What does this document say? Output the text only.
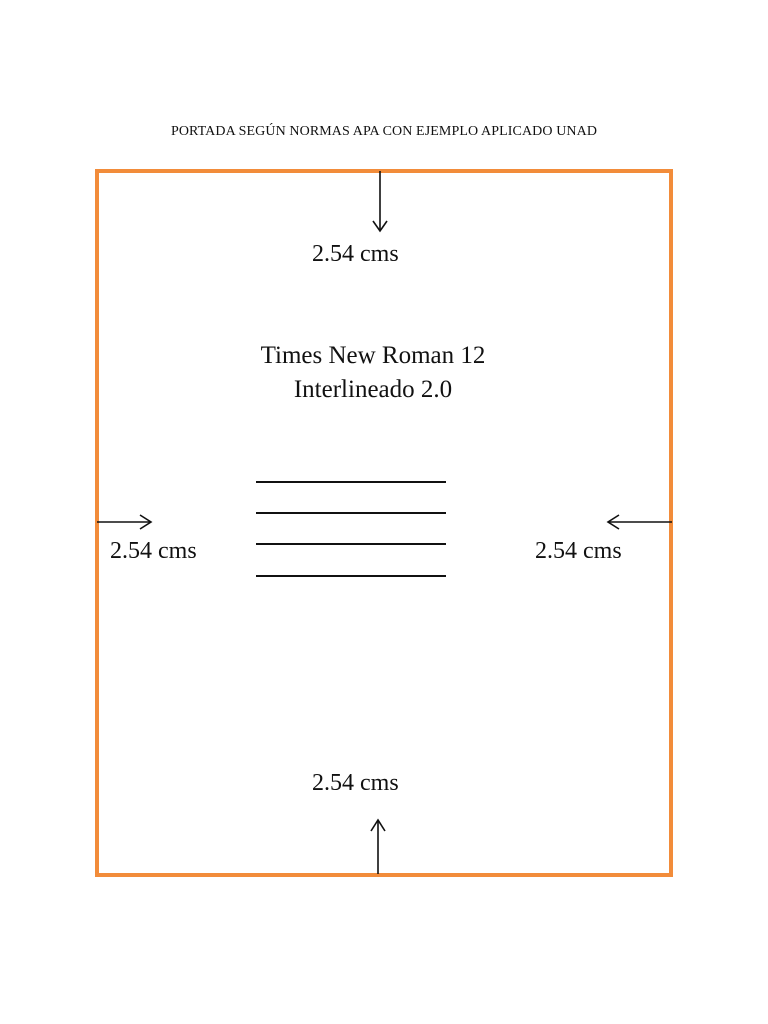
PORTADA SEGÚN NORMAS APA CON EJEMPLO APLICADO UNAD
2.54 cms
Times New Roman 12
Interlineado 2.0
2.54 cms	2.54 cms
2.54 cms
